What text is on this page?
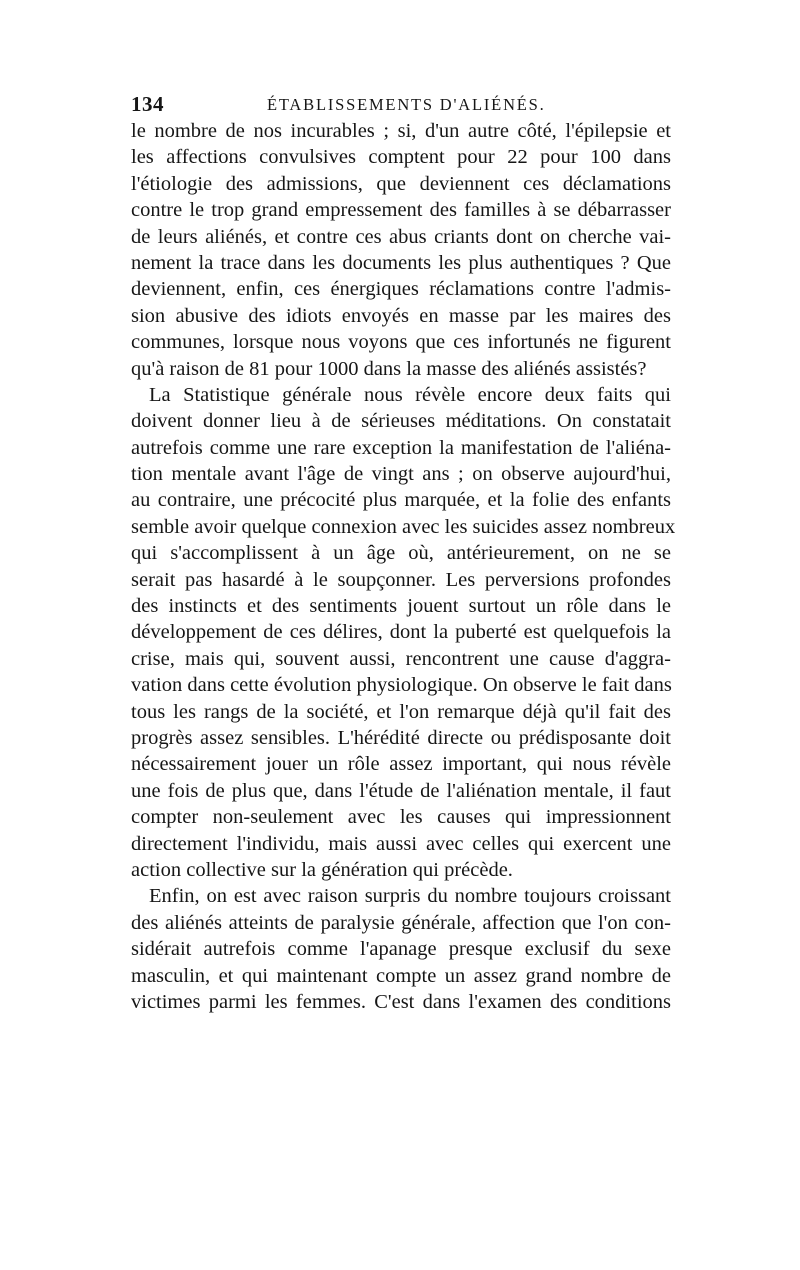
134	ÉTABLISSEMENTS D'ALIÉNÉS.
le nombre de nos incurables ; si, d'un autre côté, l'épilepsie et
les affections convulsives comptent pour 22 pour 100 dans
l'étiologie des admissions, que deviennent ces déclamations
contre le trop grand empressement des familles à se débarrasser
de leurs aliénés, et contre ces abus criants dont on cherche vai-
nement la trace dans les documents les plus authentiques ? Que
deviennent, enfin, ces énergiques réclamations contre l'admis-
sion abusive des idiots envoyés en masse par les maires des
communes, lorsque nous voyons que ces infortunés ne figurent
qu'à raison de 81 pour 1000 dans la masse des aliénés assistés?
La Statistique générale nous révèle encore deux faits qui
doivent donner lieu à de sérieuses méditations. On constatait
autrefois comme une rare exception la manifestation de l'aliéna-
tion mentale avant l'âge de vingt ans ; on observe aujourd'hui,
au contraire, une précocité plus marquée, et la folie des enfants
semble avoir quelque connexion avec les suicides assez nombreux
qui s'accomplissent à un âge où, antérieurement, on ne se
serait pas hasardé à le soupçonner. Les perversions profondes
des instincts et des sentiments jouent surtout un rôle dans le
développement de ces délires, dont la puberté est quelquefois la
crise, mais qui, souvent aussi, rencontrent une cause d'aggra-
vation dans cette évolution physiologique. On observe le fait dans
tous les rangs de la société, et l'on remarque déjà qu'il fait des
progrès assez sensibles. L'hérédité directe ou prédisposante doit
nécessairement jouer un rôle assez important, qui nous révèle
une fois de plus que, dans l'étude de l'aliénation mentale, il faut
compter non-seulement avec les causes qui impressionnent
directement l'individu, mais aussi avec celles qui exercent une
action collective sur la génération qui précède.
Enfin, on est avec raison surpris du nombre toujours croissant
des aliénés atteints de paralysie générale, affection que l'on con-
sidérait autrefois comme l'apanage presque exclusif du sexe
masculin, et qui maintenant compte un assez grand nombre de
victimes parmi les femmes. C'est dans l'examen des conditions
